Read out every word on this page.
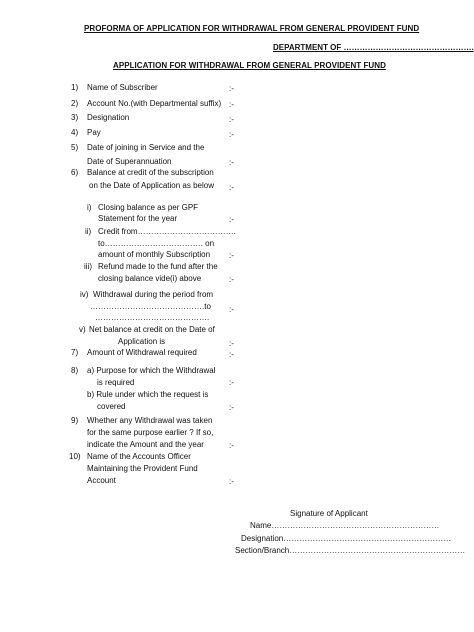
PROFORMA OF APPLICATION FOR WITHDRAWAL FROM GENERAL PROVIDENT FUND
DEPARTMENT OF ………………………………………….
APPLICATION FOR WITHDRAWAL FROM GENERAL PROVIDENT FUND
1) Name of Subscriber	:-
2) Account No.(with Departmental suffix) :-
3) Designation	:-
4) Pay	:-
5) Date of joining in Service and the
Date of Superannuation	:-
6) Balance at credit of the subscription
on the Date of Application as below :-
i) Closing balance as per GPF
Statement for the year	:-
ii) Credit from……………………………….
to………………………………. on
amount of monthly Subscription :-
iii) Refund made to the fund after the
closing balance vide(i) above	:-
iv) Withdrawal during the period from
…………………………………….to
…………………………………….
:-
v) Net balance at credit on the Date of
Application is	:-
7) Amount of Withdrawal required	:-
8) a) Purpose for which the Withdrawal
is required	:-
b) Rule under which the request is
covered	:-
9) Whether any Withdrawal was taken
for the same purpose earlier ? If so,
indicate the Amount and the year	:-
10) Name of the Accounts Officer
Maintaining the Provident Fund
Account	:-
Signature of Applicant
Name………………………………………………………
Designation………………………………………………………
Section/Branch…………………………………………………………
